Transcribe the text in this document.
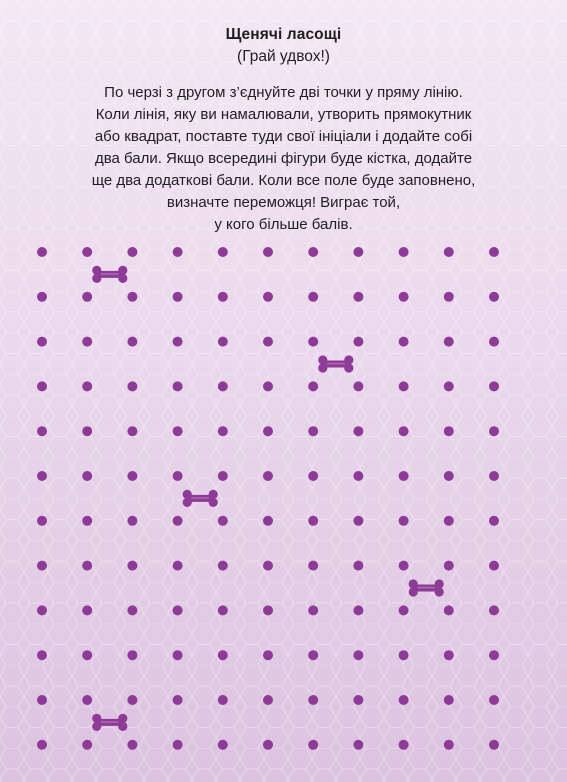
Щенячі ласощі
(Грай удвох!)
По черзі з другом з’єднуйте дві точки у пряму лінію.
Коли лінія, яку ви намалювали, утворить прямокутник
або квадрат, поставте туди свої ініціали і додайте собі
два бали. Якщо всередині фігури буде кістка, додайте
ще два додаткові бали. Коли все поле буде заповнено,
визначте переможця! Виграє той,
у кого більше балів.
